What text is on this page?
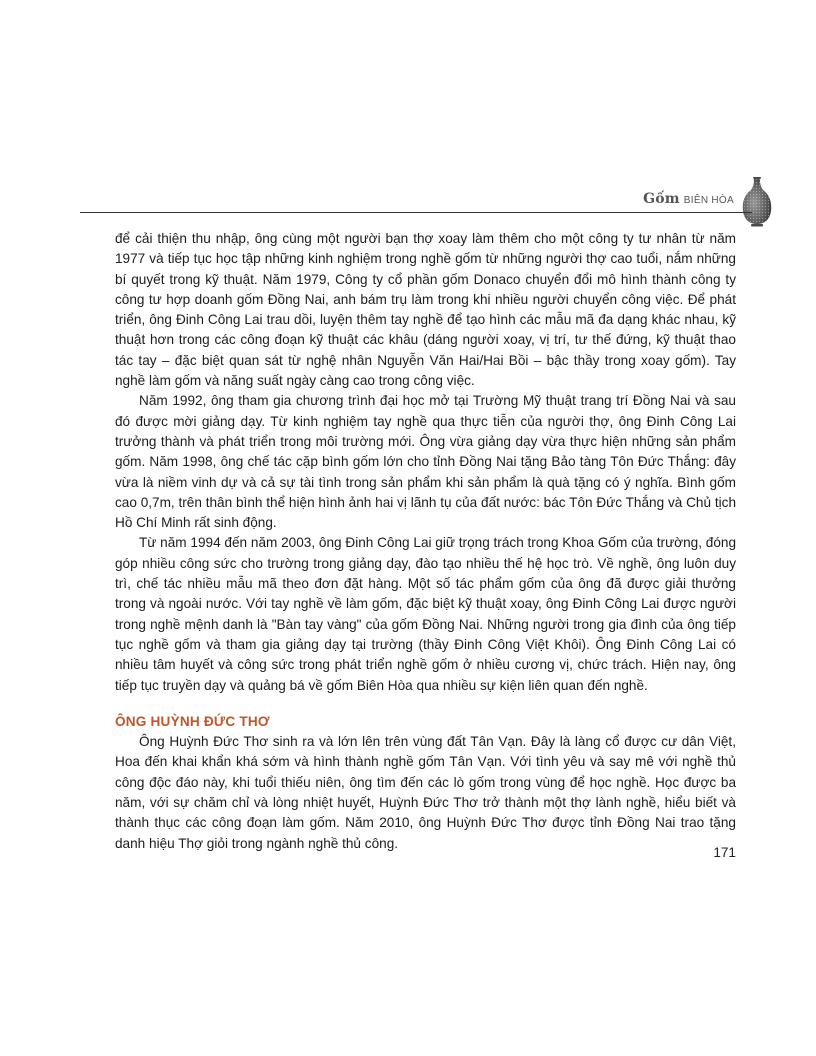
Gốm BIÊN HÒA

để cải thiện thu nhập, ông cùng một người bạn thợ xoay làm thêm cho một công ty tư nhân từ năm 1977 và tiếp tục học tập những kinh nghiệm trong nghề gốm từ những người thợ cao tuổi, nắm những bí quyết trong kỹ thuật. Năm 1979, Công ty cổ phần gốm Donaco chuyển đổi mô hình thành công ty công tư hợp doanh gốm Đồng Nai, anh bám trụ làm trong khi nhiều người chuyển công việc. Để phát triển, ông Đinh Công Lai trau dồi, luyện thêm tay nghề để tạo hình các mẫu mã đa dạng khác nhau, kỹ thuật hơn trong các công đoạn kỹ thuật các khâu (dáng người xoay, vị trí, tư thế đứng, kỹ thuật thao tác tay – đặc biệt quan sát từ nghệ nhân Nguyễn Văn Hai/Hai Bồi – bậc thầy trong xoay gốm). Tay nghề làm gốm và năng suất ngày càng cao trong công việc.

Năm 1992, ông tham gia chương trình đại học mở tại Trường Mỹ thuật trang trí Đồng Nai và sau đó được mời giảng dạy. Từ kinh nghiệm tay nghề qua thực tiễn của người thợ, ông Đinh Công Lai trưởng thành và phát triển trong môi trường mới. Ông vừa giảng dạy vừa thực hiện những sản phẩm gốm. Năm 1998, ông chế tác cặp bình gốm lớn cho tỉnh Đồng Nai tặng Bảo tàng Tôn Đức Thắng: đây vừa là niềm vinh dự và cả sự tài tình trong sản phẩm khi sản phẩm là quà tặng có ý nghĩa. Bình gốm cao 0,7m, trên thân bình thể hiện hình ảnh hai vị lãnh tụ của đất nước: bác Tôn Đức Thắng và Chủ tịch Hồ Chí Minh rất sinh động.

Từ năm 1994 đến năm 2003, ông Đinh Công Lai giữ trọng trách trong Khoa Gốm của trường, đóng góp nhiều công sức cho trường trong giảng dạy, đào tạo nhiều thế hệ học trò. Về nghề, ông luôn duy trì, chế tác nhiều mẫu mã theo đơn đặt hàng. Một số tác phẩm gốm của ông đã được giải thưởng trong và ngoài nước. Với tay nghề về làm gốm, đặc biệt kỹ thuật xoay, ông Đinh Công Lai được người trong nghề mệnh danh là "Bàn tay vàng" của gốm Đồng Nai. Những người trong gia đình của ông tiếp tục nghề gốm và tham gia giảng dạy tại trường (thầy Đinh Công Việt Khôi). Ông Đinh Công Lai có nhiều tâm huyết và công sức trong phát triển nghề gốm ở nhiều cương vị, chức trách. Hiện nay, ông tiếp tục truyền dạy và quảng bá về gốm Biên Hòa qua nhiều sự kiện liên quan đến nghề.

ÔNG HUỲNH ĐỨC THƠ

Ông Huỳnh Đức Thơ sinh ra và lớn lên trên vùng đất Tân Vạn. Đây là làng cổ được cư dân Việt, Hoa đến khai khẩn khá sớm và hình thành nghề gốm Tân Vạn. Với tình yêu và say mê với nghề thủ công độc đáo này, khi tuổi thiếu niên, ông tìm đến các lò gốm trong vùng để học nghề. Học được ba năm, với sự chăm chỉ và lòng nhiệt huyết, Huỳnh Đức Thơ trở thành một thợ lành nghề, hiểu biết và thành thục các công đoạn làm gốm. Năm 2010, ông Huỳnh Đức Thơ được tỉnh Đồng Nai trao tặng danh hiệu Thợ giỏi trong ngành nghề thủ công.

171
